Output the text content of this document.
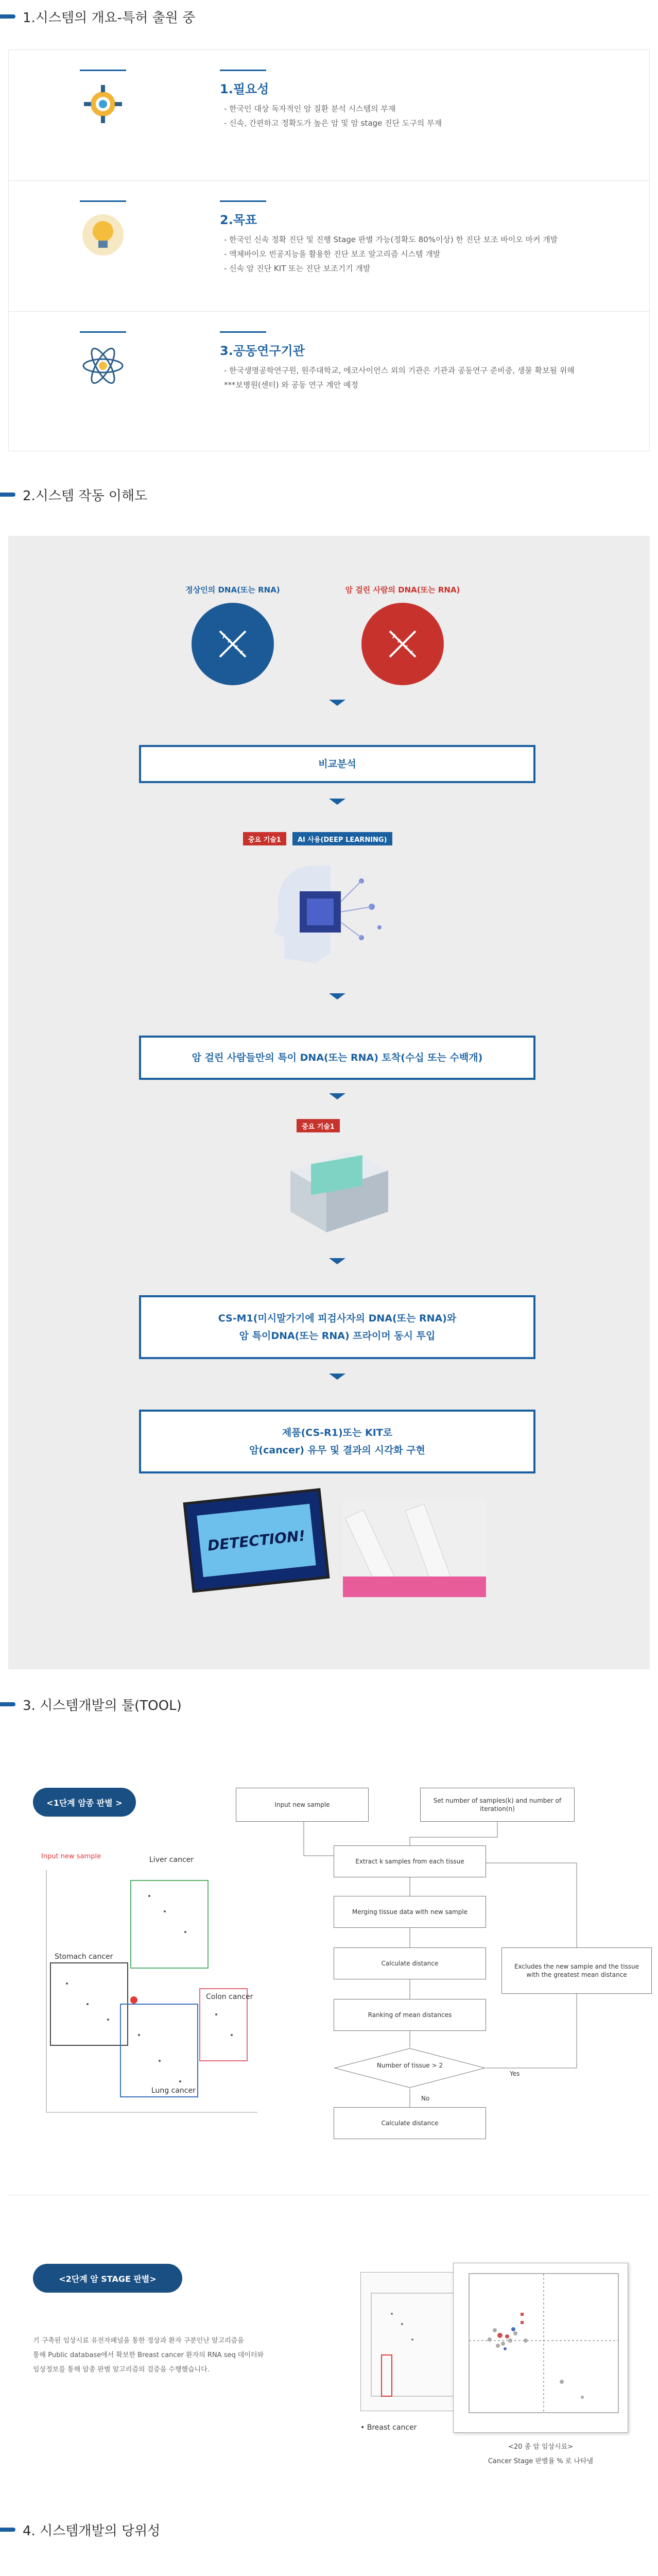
1.시스템의 개요-특허 출원 중
1.필요성
- 한국인 대상 독자적인 암 질환 분석 시스템의 부재
- 신속, 간편하고 정확도가 높은 암 및 암 stage 진단 도구의 부재
2.목표
- 한국인 신속 정확 진단 및 진행 Stage 판별 가능(정확도 80%이상) 한 진단 보조 바이오 마커 개발
- 액체바이오 빈공지능을 활용한 진단 보조 알고리즘 시스템 개발
- 신속 암 진단 KIT 또는 진단 보조기기 개발
3.공동연구기관
- 한국생명공학연구원, 원주대학교, 에코사이언스 외의 기관은 기관과 공동연구 준비중, 생물 확보될 위해
***보병원(센터) 와 공동 연구 계안 예정
2.시스템 작동 이해도
정상인의 DNA(또는 RNA)	암 걸린 사람의 DNA(또는 RNA)
비교분석
중요 기술1	AI 사용(DEEP LEARNING)
암 걸린 사람들만의 특이 DNA(또는 RNA) 토착(수십 또는 수백개)
중요 기술1
CS-M1(미시말가기에 피검사자의 DNA(또는 RNA)와
암 특이DNA(또는 RNA) 프라이머 동시 투입
제품(CS-R1)또는 KIT로
암(cancer) 유무 및 결과의 시각화 구현
DETECTION!
3. 시스템개발의 툴(TOOL)
<1단계 암종 판별 >
Input new sample	Liver cancer
Stomach cancer
Colon cancer
Lung cancer
Input new sample
Set number of samples(k) and number of iteration(n)
Extract k samples from each tissue
Merging tissue data with new sample
Calculate distance
Ranking of mean distances
Number of tissue > 2
Calculate distance
Excludes the new sample and the tissue with the greatest mean distance
Yes
No
<2단계 암 STAGE 판별>
기 구축된 임상시료 유전자패널을 통한 정상과 환자 구분인난 알고리즘을
통해 Public database에서 확보한 Breast cancer 환자의 RNA seq 데이터와
임상정보를 통해 암종 판별 알고리즘의 검증을 수행했습니다.
• Breast cancer
<20 종 암 임상시료>
Cancer Stage 판별율 % 로 나타냄
4. 시스템개발의 당위성
